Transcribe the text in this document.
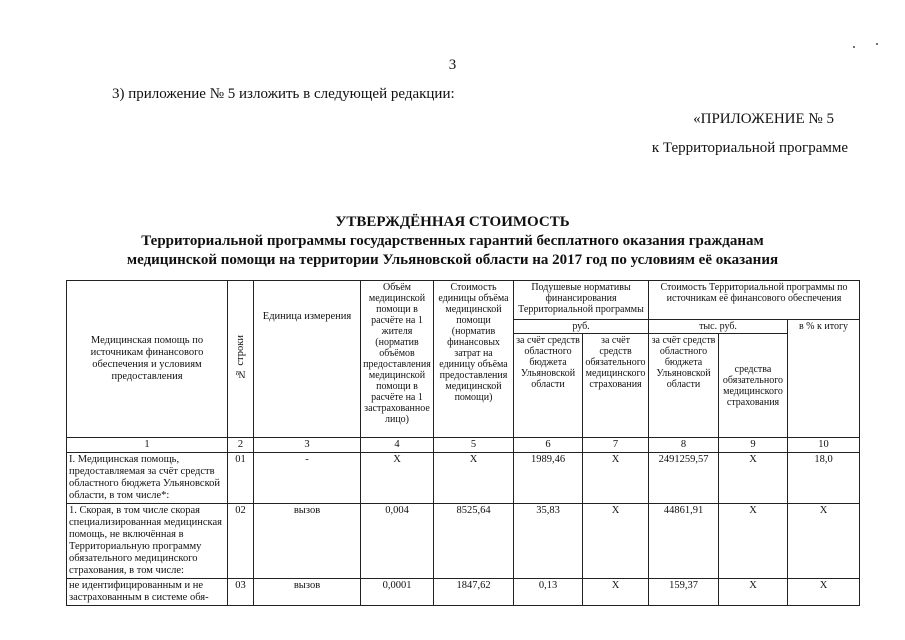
3
3) приложение № 5 изложить в следующей редакции:
«ПРИЛОЖЕНИЕ № 5
к Территориальной программе
УТВЕРЖДЁННАЯ СТОИМОСТЬ
Территориальной программы государственных гарантий бесплатного оказания гражданам
медицинской помощи на территории Ульяновской области на 2017 год по условиям её оказания
Медицинская помощь по источникам финансового обеспечения и условиям предоставления	№ строки	Единица измерения	Объём медицинской помощи в расчёте на 1 жителя (норматив объёмов предоставления медицинской помощи в расчёте на 1 застрахованное лицо)	Стоимость единицы объёма медицинской помощи (норматив финансовых затрат на единицу объёма предоставления медицинской помощи)	Подушевые нормативы финансирования Территориальной программы		Стоимость Территориальной программы по источникам её финансового обеспечения		
					руб.		тыс. руб.		в % к итогу
					за счёт средств областного бюджета Ульяновской области	за счёт средств обязательного медицинского страхования	за счёт средств областного бюджета Ульяновской области	средства обязательного медицинского страхования	
1	2	3	4	5	6	7	8	9	10
I. Медицинская помощь, предоставляемая за счёт средств областного бюджета Ульяновской области, в том числе*:	01	-	X	X	1989,46	X	2491259,57	X	18,0
1. Скорая, в том числе скорая специализированная медицинская помощь, не включённая в Территориальную программу обязательного медицинского страхования, в том числе:	02	вызов	0,004	8525,64	35,83	X	44861,91	X	X
не идентифицированным и не застрахованным в системе обя-	03	вызов	0,0001	1847,62	0,13	X	159,37	X	X
